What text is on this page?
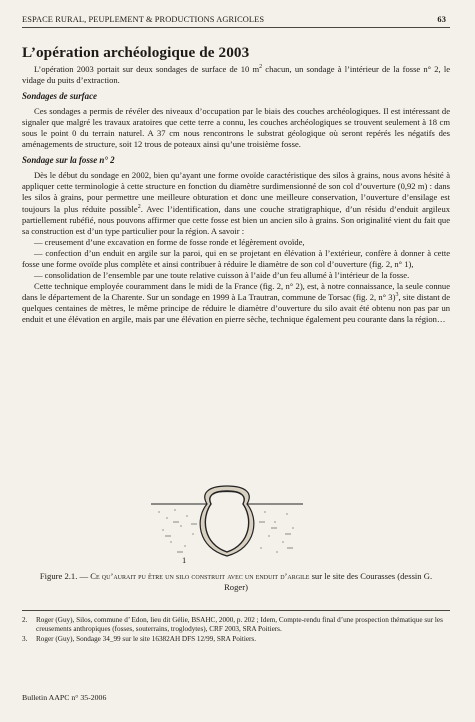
ESPACE RURAL, PEUPLEMENT & PRODUCTIONS AGRICOLES	63
L’opération archéologique de 2003

L’opération 2003 portait sur deux sondages de surface de 10 $m^2$ chacun, un sondage à l’intérieur de la fosse n° 2, le vidage du puits d’extraction.

Sondages de surface

Ces sondages a permis de révéler des niveaux d’occupation par le biais des couches archéologiques. Il est intéressant de signaler que malgré les travaux aratoires que cette terre a connu, les couches archéologiques se trouvent seulement à 18 cm sous le point 0 du terrain naturel. A 37 cm nous rencontrons le substrat géologique où seront repérés les négatifs des aménagements de structure, soit 12 trous de poteaux ainsi qu’une troisième fosse.

Sondage sur la fosse n° 2

Dès le début du sondage en 2002, bien qu’ayant une forme ovoïde caractéristique des silos à grains, nous avons hésité à appliquer cette terminologie à cette structure en fonction du diamètre surdimensionné de son col d’ouverture (0,92 m) : dans les silos à grains, pour permettre une meilleure obturation et donc une meilleure conservation, l’ouverture d’ensilage est toujours la plus réduite possible$^2$. Avec l’identification, dans une couche stratigraphique, d’un résidu d’enduit argileux partiellement rubéfié, nous pouvons affirmer que cette fosse est bien un ancien silo à grains. Son originalité vient du fait que sa construction est d’un type particulier pour la région. A savoir :

— creusement d’une excavation en forme de fosse ronde et légèrement ovoïde,

— confection d’un enduit en argile sur la paroi, qui en se projetant en élévation à l’extérieur, confère à donner à cette fosse une forme ovoïde plus complète et ainsi contribuer à réduire le diamètre de son col d’ouverture (fig. 2, n° 1),

— consolidation de l’ensemble par une toute relative cuisson à l’aide d’un feu allumé à l’intérieur de la fosse.

Cette technique employée couramment dans le midi de la France (fig. 2, n° 2), est, à notre connaissance, la seule connue dans le département de la Charente. Sur un sondage en 1999 à La Trautran, commune de Torsac (fig. 2, n° 3)$^3$, site distant de quelques centaines de mètres, le même principe de réduire le diamètre d’ouverture du silo avait été obtenu non pas par un enduit et une élévation en argile, mais par une élévation en pierre sèche, technique également peu courante dans la région…

1
Figure 2.1. — Ce qu’aurait pu être un silo construit avec un enduit d’argile sur le site des Courasses (dessin G. Roger)
2. Roger (Guy), Silos, commune d’ Edon, lieu dit Gélie, BSAHC, 2000, p. 202 ; Idem, Compte-rendu final d’une prospection thématique sur les creusements anthropiques (fosses, souterrains, troglodytes), CRF 2003, SRA Poitiers.
3. Roger (Guy), Sondage 34_99 sur le site 16382AH DFS 12/99, SRA Poitiers.
Bulletin AAPC n° 35-2006
